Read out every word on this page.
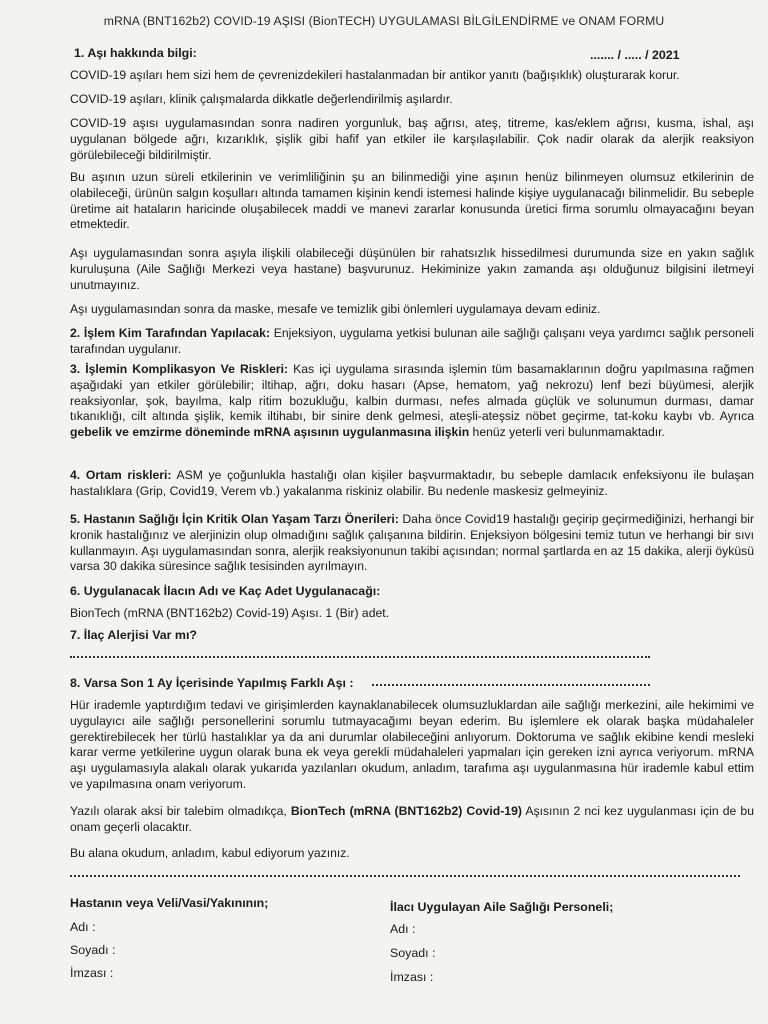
mRNA (BNT162b2) COVID-19 AŞISI (BionTECH) UYGULAMASI BİLGİLENDİRME ve ONAM FORMU
1. Aşı hakkında bilgi:	....... / ..... / 2021
COVID-19 aşıları hem sizi hem de çevrenizdekileri hastalanmadan bir antikor yanıtı (bağışıklık) oluşturarak korur.
COVID-19 aşıları, klinik çalışmalarda dikkatle değerlendirilmiş aşılardır.
COVID-19 aşısı uygulamasından sonra nadiren yorgunluk, baş ağrısı, ateş, titreme, kas/eklem ağrısı, kusma, ishal, aşı uygulanan bölgede ağrı, kızarıklık, şişlik gibi hafif yan etkiler ile karşılaşılabilir. Çok nadir olarak da alerjik reaksiyon görülebileceği bildirilmiştir.
Bu aşının uzun süreli etkilerinin ve verimliliğinin şu an bilinmediği yine aşının henüz bilinmeyen olumsuz etkilerinin de olabileceği, ürünün salgın koşulları altında tamamen kişinin kendi istemesi halinde kişiye uygulanacağı bilinmelidir. Bu sebeple üretime ait hataların haricinde oluşabilecek maddi ve manevi zararlar konusunda üretici firma sorumlu olmayacağını beyan etmektedir.
Aşı uygulamasından sonra aşıyla ilişkili olabileceği düşünülen bir rahatsızlık hissedilmesi durumunda size en yakın sağlık kuruluşuna (Aile Sağlığı Merkezi veya hastane) başvurunuz. Hekiminize yakın zamanda aşı olduğunuz bilgisini iletmeyi unutmayınız.
Aşı uygulamasından sonra da maske, mesafe ve temizlik gibi önlemleri uygulamaya devam ediniz.
2. İşlem Kim Tarafından Yapılacak: Enjeksiyon, uygulama yetkisi bulunan aile sağlığı çalışanı veya yardımcı sağlık personeli tarafından uygulanır.
3. İşlemin Komplikasyon Ve Riskleri: Kas içi uygulama sırasında işlemin tüm basamaklarının doğru yapılmasına rağmen aşağıdaki yan etkiler görülebilir; iltihap, ağrı, doku hasarı (Apse, hematom, yağ nekrozu) lenf bezi büyümesi, alerjik reaksiyonlar, şok, bayılma, kalp ritim bozukluğu, kalbin durması, nefes almada güçlük ve solunumun durması, damar tıkanıklığı, cilt altında şişlik, kemik iltihabı, bir sinire denk gelmesi, ateşli-ateşsiz nöbet geçirme, tat-koku kaybı vb. Ayrıca gebelik ve emzirme döneminde mRNA aşısının uygulanmasına ilişkin henüz yeterli veri bulunmamaktadır.
4. Ortam riskleri: ASM ye çoğunlukla hastalığı olan kişiler başvurmaktadır, bu sebeple damlacık enfeksiyonu ile bulaşan hastalıklara (Grip, Covid19, Verem vb.) yakalanma riskiniz olabilir. Bu nedenle maskesiz gelmeyiniz.
5. Hastanın Sağlığı İçin Kritik Olan Yaşam Tarzı Önerileri: Daha önce Covid19 hastalığı geçirip geçirmediğinizi, herhangi bir kronik hastalığınız ve alerjinizin olup olmadığını sağlık çalışanına bildirin. Enjeksiyon bölgesini temiz tutun ve herhangi bir sıvı kullanmayın. Aşı uygulamasından sonra, alerjik reaksiyonunun takibi açısından; normal şartlarda en az 15 dakika, alerji öyküsü varsa 30 dakika süresince sağlık tesisinden ayrılmayın.
6. Uygulanacak İlacın Adı ve Kaç Adet Uygulanacağı:
BionTech (mRNA (BNT162b2) Covid-19) Aşısı. 1 (Bir) adet.
7. İlaç Alerjisi Var mı?
8. Varsa Son 1 Ay İçerisinde Yapılmış Farklı Aşı :
Hür irademle yaptırdığım tedavi ve girişimlerden kaynaklanabilecek olumsuzluklardan aile sağlığı merkezini, aile hekimimi ve uygulayıcı aile sağlığı personellerini sorumlu tutmayacağımı beyan ederim. Bu işlemlere ek olarak başka müdahaleler gerektirebilecek her türlü hastalıklar ya da ani durumlar olabileceğini anlıyorum. Doktoruma ve sağlık ekibine kendi mesleki karar verme yetkilerine uygun olarak buna ek veya gerekli müdahaleleri yapmaları için gereken izni ayrıca veriyorum. mRNA aşı uygulamasıyla alakalı olarak yukarıda yazılanları okudum, anladım, tarafıma aşı uygulanmasına hür irademle kabul ettim ve yapılmasına onam veriyorum.
Yazılı olarak aksi bir talebim olmadıkça, BionTech (mRNA (BNT162b2) Covid-19) Aşısının 2 nci kez uygulanması için de bu onam geçerli olacaktır.
Bu alana okudum, anladım, kabul ediyorum yazınız.
Hastanın veya Veli/Vasi/Yakınının;
Adı :
Soyadı :
İmzası :
İlacı Uygulayan Aile Sağlığı Personeli;
Adı :
Soyadı :
İmzası :
